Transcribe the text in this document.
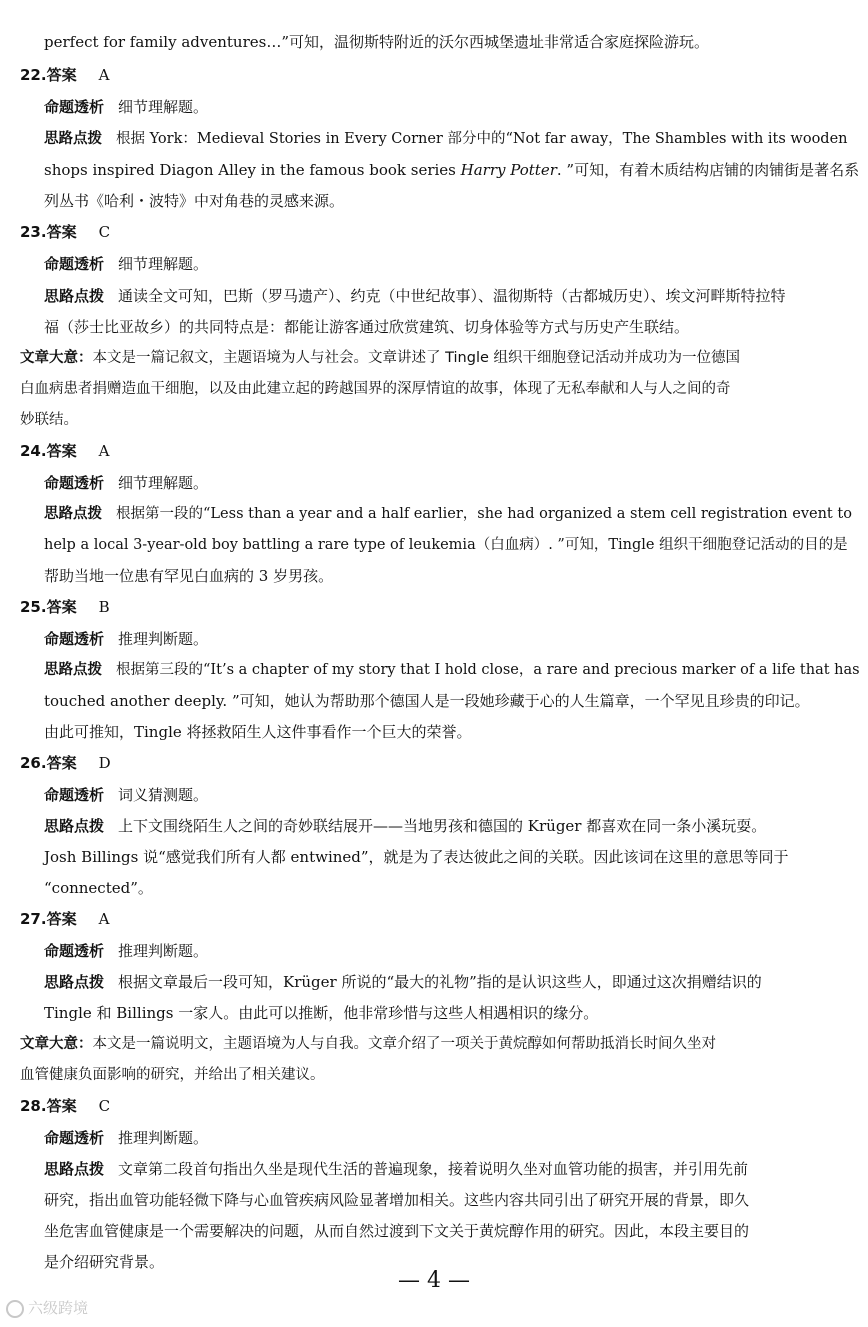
perfect for family adventures…”可知，温彻斯特附近的沃尔西城堡遗址非常适合家庭探险游玩。
22.答案 A
命题透析 细节理解题。
思路点拨 根据 York：Medieval Stories in Every Corner 部分中的“Not far away，The Shambles with its wooden
shops inspired Diagon Alley in the famous book series Harry Potter. ”可知，有着木质结构店铺的肉铺街是著名系
列丛书《哈利・波特》中对角巷的灵感来源。
23.答案 C
命题透析 细节理解题。
思路点拨 通读全文可知，巴斯（罗马遗产）、约克（中世纪故事）、温彻斯特（古都城历史）、埃文河畔斯特拉特
福（莎士比亚故乡）的共同特点是：都能让游客通过欣赏建筑、切身体验等方式与历史产生联结。
文章大意：本文是一篇记叙文，主题语境为人与社会。文章讲述了 Tingle 组织干细胞登记活动并成功为一位德国
白血病患者捐赠造血干细胞，以及由此建立起的跨越国界的深厚情谊的故事，体现了无私奉献和人与人之间的奇
妙联结。
24.答案 A
命题透析 细节理解题。
思路点拨 根据第一段的“Less than a year and a half earlier，she had organized a stem cell registration event to
help a local 3-year-old boy battling a rare type of leukemia（白血病）. ”可知，Tingle 组织干细胞登记活动的目的是
帮助当地一位患有罕见白血病的 3 岁男孩。
25.答案 B
命题透析 推理判断题。
思路点拨 根据第三段的“It’s a chapter of my story that I hold close，a rare and precious marker of a life that has
touched another deeply. ”可知，她认为帮助那个德国人是一段她珍藏于心的人生篇章，一个罕见且珍贵的印记。
由此可推知，Tingle 将拯救陌生人这件事看作一个巨大的荣誉。
26.答案 D
命题透析 词义猜测题。
思路点拨 上下文围绕陌生人之间的奇妙联结展开——当地男孩和德国的 Krüger 都喜欢在同一条小溪玩耍。
Josh Billings 说“感觉我们所有人都 entwined”，就是为了表达彼此之间的关联。因此该词在这里的意思等同于
“connected”。
27.答案 A
命题透析 推理判断题。
思路点拨 根据文章最后一段可知，Krüger 所说的“最大的礼物”指的是认识这些人，即通过这次捐赠结识的
Tingle 和 Billings 一家人。由此可以推断，他非常珍惜与这些人相遇相识的缘分。
文章大意：本文是一篇说明文，主题语境为人与自我。文章介绍了一项关于黄烷醇如何帮助抵消长时间久坐对
血管健康负面影响的研究，并给出了相关建议。
28.答案 C
命题透析 推理判断题。
思路点拨 文章第二段首句指出久坐是现代生活的普遍现象，接着说明久坐对血管功能的损害，并引用先前
研究，指出血管功能轻微下降与心血管疾病风险显著增加相关。这些内容共同引出了研究开展的背景，即久
坐危害血管健康是一个需要解决的问题，从而自然过渡到下文关于黄烷醇作用的研究。因此，本段主要目的
是介绍研究背景。
— 4 —
六级跨境
